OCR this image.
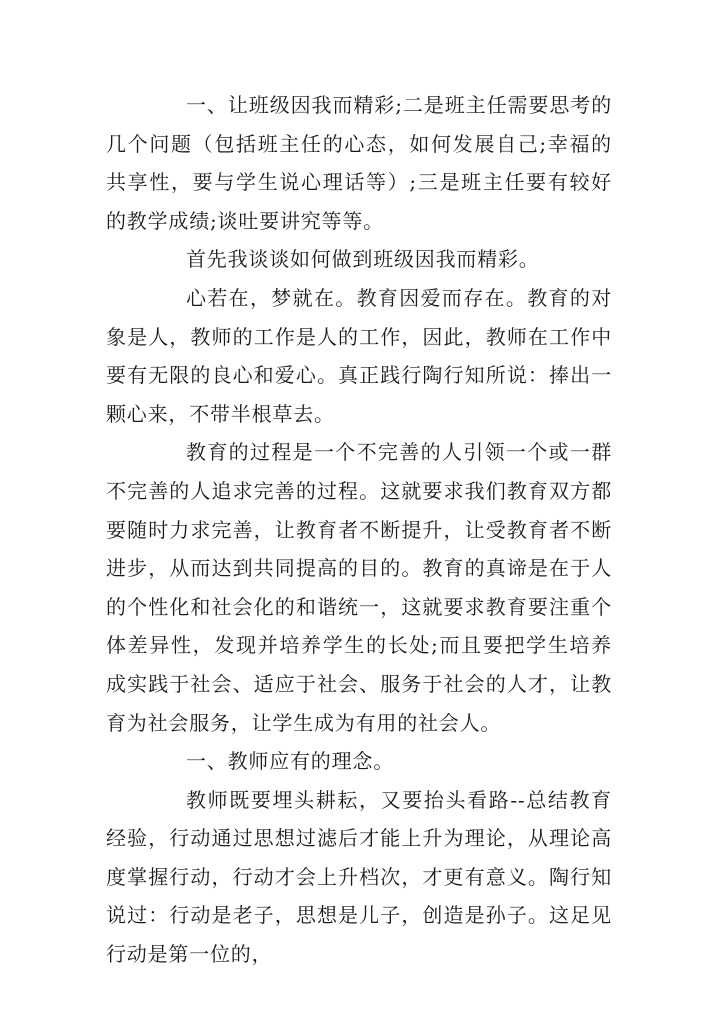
一、让班级因我而精彩;二是班主任需要思考的几个问题（包括班主任的心态，如何发展自己;幸福的共享性，要与学生说心理话等）;三是班主任要有较好的教学成绩;谈吐要讲究等等。

首先我谈谈如何做到班级因我而精彩。

心若在，梦就在。教育因爱而存在。教育的对象是人，教师的工作是人的工作，因此，教师在工作中要有无限的良心和爱心。真正践行陶行知所说：捧出一颗心来，不带半根草去。

教育的过程是一个不完善的人引领一个或一群不完善的人追求完善的过程。这就要求我们教育双方都要随时力求完善，让教育者不断提升，让受教育者不断进步，从而达到共同提高的目的。教育的真谛是在于人的个性化和社会化的和谐统一，这就要求教育要注重个体差异性，发现并培养学生的长处;而且要把学生培养成实践于社会、适应于社会、服务于社会的人才，让教育为社会服务，让学生成为有用的社会人。

一、教师应有的理念。

教师既要埋头耕耘，又要抬头看路--总结教育经验，行动通过思想过滤后才能上升为理论，从理论高度掌握行动，行动才会上升档次，才更有意义。陶行知说过：行动是老子，思想是儿子，创造是孙子。这足见行动是第一位的，
